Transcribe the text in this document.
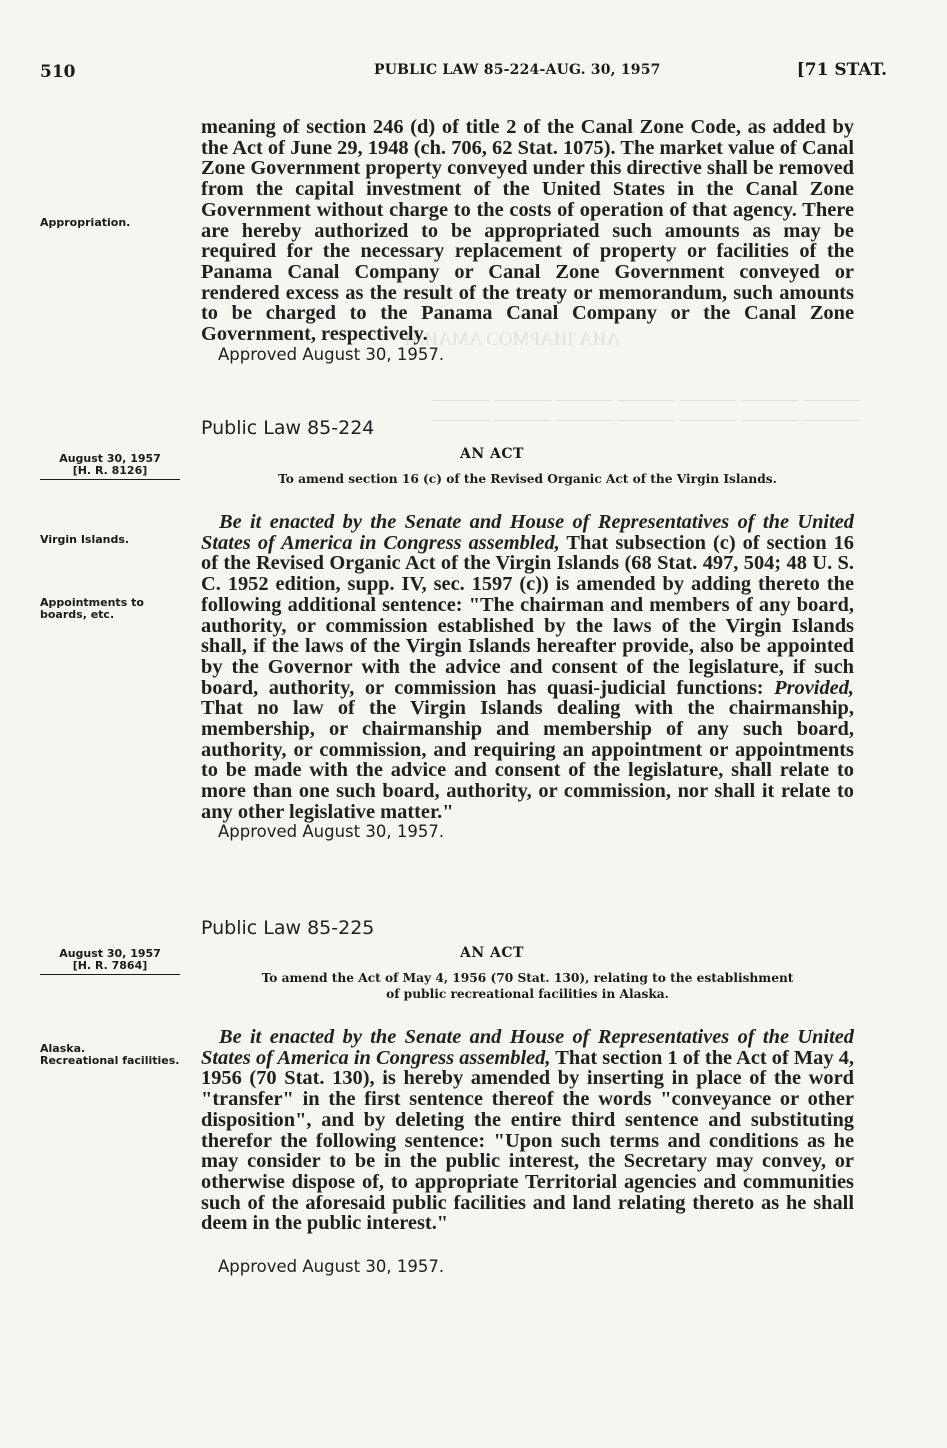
ΛИΑ ΊИΑΡΜΟϽ ΑΜΑИΑΡ
——— ——— ——— ——— ——— ——— ———
——— ——— ——— ——— ——— ——— ———
510	PUBLIC LAW 85-224-AUG. 30, 1957	[71 STAT.

meaning of section 246 (d) of title 2 of the Canal Zone Code, as added by the Act of June 29, 1948 (ch. 706, 62 Stat. 1075). The market value of Canal Zone Government property conveyed under this directive shall be removed from the capital investment of the United States in the Canal Zone Government without charge to the costs of operation of that agency. There are hereby authorized to be appropriated such amounts as may be required for the necessary replacement of property or facilities of the Panama Canal Company or Canal Zone Government conveyed or rendered excess as the result of the treaty or memorandum, such amounts to be charged to the Panama Canal Company or the Canal Zone Government, respectively.

Appropriation.

Approved August 30, 1957.

Public Law 85-224

August 30, 1957
[H. R. 8126]

AN ACT

To amend section 16 (c) of the Revised Organic Act of the Virgin Islands.

Be it enacted by the Senate and House of Representatives of the United States of America in Congress assembled, That subsection (c) of section 16 of the Revised Organic Act of the Virgin Islands (68 Stat. 497, 504; 48 U. S. C. 1952 edition, supp. IV, sec. 1597 (c)) is amended by adding thereto the following additional sentence: "The chairman and members of any board, authority, or commission established by the laws of the Virgin Islands shall, if the laws of the Virgin Islands hereafter provide, also be appointed by the Governor with the advice and consent of the legislature, if such board, authority, or commission has quasi-judicial functions: Provided, That no law of the Virgin Islands dealing with the chairmanship, membership, or chairmanship and membership of any such board, authority, or commission, and requiring an appointment or appointments to be made with the advice and consent of the legislature, shall relate to more than one such board, authority, or commission, nor shall it relate to any other legislative matter."

Virgin Islands.

Appointments to boards, etc.

Approved August 30, 1957.

Public Law 85-225

August 30, 1957
[H. R. 7864]

AN ACT

To amend the Act of May 4, 1956 (70 Stat. 130), relating to the establishment
of public recreational facilities in Alaska.

Be it enacted by the Senate and House of Representatives of the United States of America in Congress assembled, That section 1 of the Act of May 4, 1956 (70 Stat. 130), is hereby amended by inserting in place of the word "transfer" in the first sentence thereof the words "conveyance or other disposition", and by deleting the entire third sentence and substituting therefor the following sentence: "Upon such terms and conditions as he may consider to be in the public interest, the Secretary may convey, or otherwise dispose of, to appropriate Territorial agencies and communities such of the aforesaid public facilities and land relating thereto as he shall deem in the public interest."

Alaska.
Recreational facilities.

Approved August 30, 1957.
